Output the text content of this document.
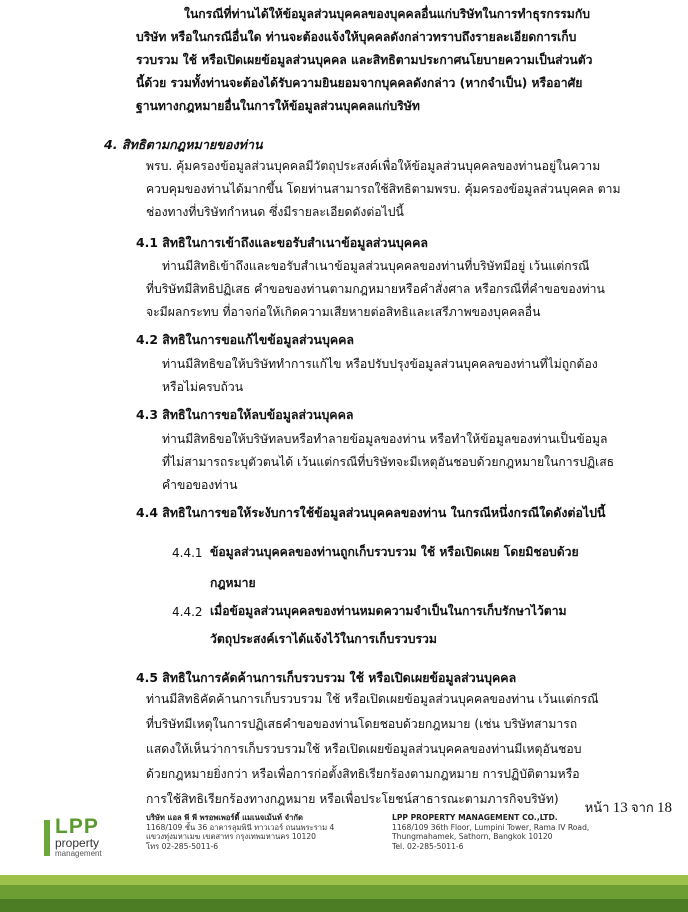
ในกรณีที่ท่านได้ให้ข้อมูลส่วนบุคคลของบุคคลอื่นแก่บริษัทในการทำธุรกรรมกับ
บริษัท หรือในกรณีอื่นใด ท่านจะต้องแจ้งให้บุคคลดังกล่าวทราบถึงรายละเอียดการเก็บ
รวบรวม ใช้ หรือเปิดเผยข้อมูลส่วนบุคคล และสิทธิตามประกาศนโยบายความเป็นส่วนตัว
นี้ด้วย รวมทั้งท่านจะต้องได้รับความยินยอมจากบุคคลดังกล่าว (หากจำเป็น) หรืออาศัย
ฐานทางกฎหมายอื่นในการให้ข้อมูลส่วนบุคคลแก่บริษัท
4. สิทธิตามกฎหมายของท่าน
พรบ. คุ้มครองข้อมูลส่วนบุคคลมีวัตถุประสงค์เพื่อให้ข้อมูลส่วนบุคคลของท่านอยู่ในความ
ควบคุมของท่านได้มากขึ้น โดยท่านสามารถใช้สิทธิตามพรบ. คุ้มครองข้อมูลส่วนบุคคล ตาม
ช่องทางที่บริษัทกำหนด ซึ่งมีรายละเอียดดังต่อไปนี้
4.1 สิทธิในการเข้าถึงและขอรับสำเนาข้อมูลส่วนบุคคล
ท่านมีสิทธิเข้าถึงและขอรับสำเนาข้อมูลส่วนบุคคลของท่านที่บริษัทมีอยู่ เว้นแต่กรณี
ที่บริษัทมีสิทธิปฏิเสธ คำขอของท่านตามกฎหมายหรือคำสั่งศาล หรือกรณีที่คำขอของท่าน
จะมีผลกระทบ ที่อาจก่อให้เกิดความเสียหายต่อสิทธิและเสรีภาพของบุคคลอื่น
4.2 สิทธิในการขอแก้ไขข้อมูลส่วนบุคคล
ท่านมีสิทธิขอให้บริษัททำการแก้ไข หรือปรับปรุงข้อมูลส่วนบุคคลของท่านที่ไม่ถูกต้อง
หรือไม่ครบถ้วน
4.3 สิทธิในการขอให้ลบข้อมูลส่วนบุคคล
ท่านมีสิทธิขอให้บริษัทลบหรือทำลายข้อมูลของท่าน หรือทำให้ข้อมูลของท่านเป็นข้อมูล
ที่ไม่สามารถระบุตัวตนได้ เว้นแต่กรณีที่บริษัทจะมีเหตุอันชอบด้วยกฎหมายในการปฏิเสธ
คำขอของท่าน
4.4 สิทธิในการขอให้ระงับการใช้ข้อมูลส่วนบุคคลของท่าน ในกรณีหนึ่งกรณีใดดังต่อไปนี้
4.4.1 ข้อมูลส่วนบุคคลของท่านถูกเก็บรวบรวม ใช้ หรือเปิดเผย โดยมิชอบด้วย
กฎหมาย
4.4.2 เมื่อข้อมูลส่วนบุคคลของท่านหมดความจำเป็นในการเก็บรักษาไว้ตาม
วัตถุประสงค์เราได้แจ้งไว้ในการเก็บรวบรวม
4.5 สิทธิในการคัดค้านการเก็บรวบรวม ใช้ หรือเปิดเผยข้อมูลส่วนบุคคล
ท่านมีสิทธิคัดค้านการเก็บรวบรวม ใช้ หรือเปิดเผยข้อมูลส่วนบุคคลของท่าน เว้นแต่กรณี
ที่บริษัทมีเหตุในการปฏิเสธคำขอของท่านโดยชอบด้วยกฎหมาย (เช่น บริษัทสามารถ
แสดงให้เห็นว่าการเก็บรวบรวมใช้ หรือเปิดเผยข้อมูลส่วนบุคคลของท่านมีเหตุอันชอบ
ด้วยกฎหมายยิ่งกว่า หรือเพื่อการก่อตั้งสิทธิเรียกร้องตามกฎหมาย การปฏิบัติตามหรือ
การใช้สิทธิเรียกร้องทางกฎหมาย หรือเพื่อประโยชน์สาธารณะตามภารกิจบริษัท)
หน้า 13 จาก 18
LPP
property
management
บริษัท แอล พี พี พรอพเพอร์ตี้ แมเนจเม้นท์ จำกัด
1168/109 ชั้น 36 อาคารลุมพินี ทาวเวอร์ ถนนพระราม 4
แขวงทุ่งมหาเมฆ เขตสาทร กรุงเทพมหานคร 10120
โทร 02-285-5011-6
LPP PROPERTY MANAGEMENT CO.,LTD.
1168/109 36th Floor, Lumpini Tower, Rama IV Road,
Thungmahamek, Sathorn, Bangkok 10120
Tel. 02-285-5011-6
